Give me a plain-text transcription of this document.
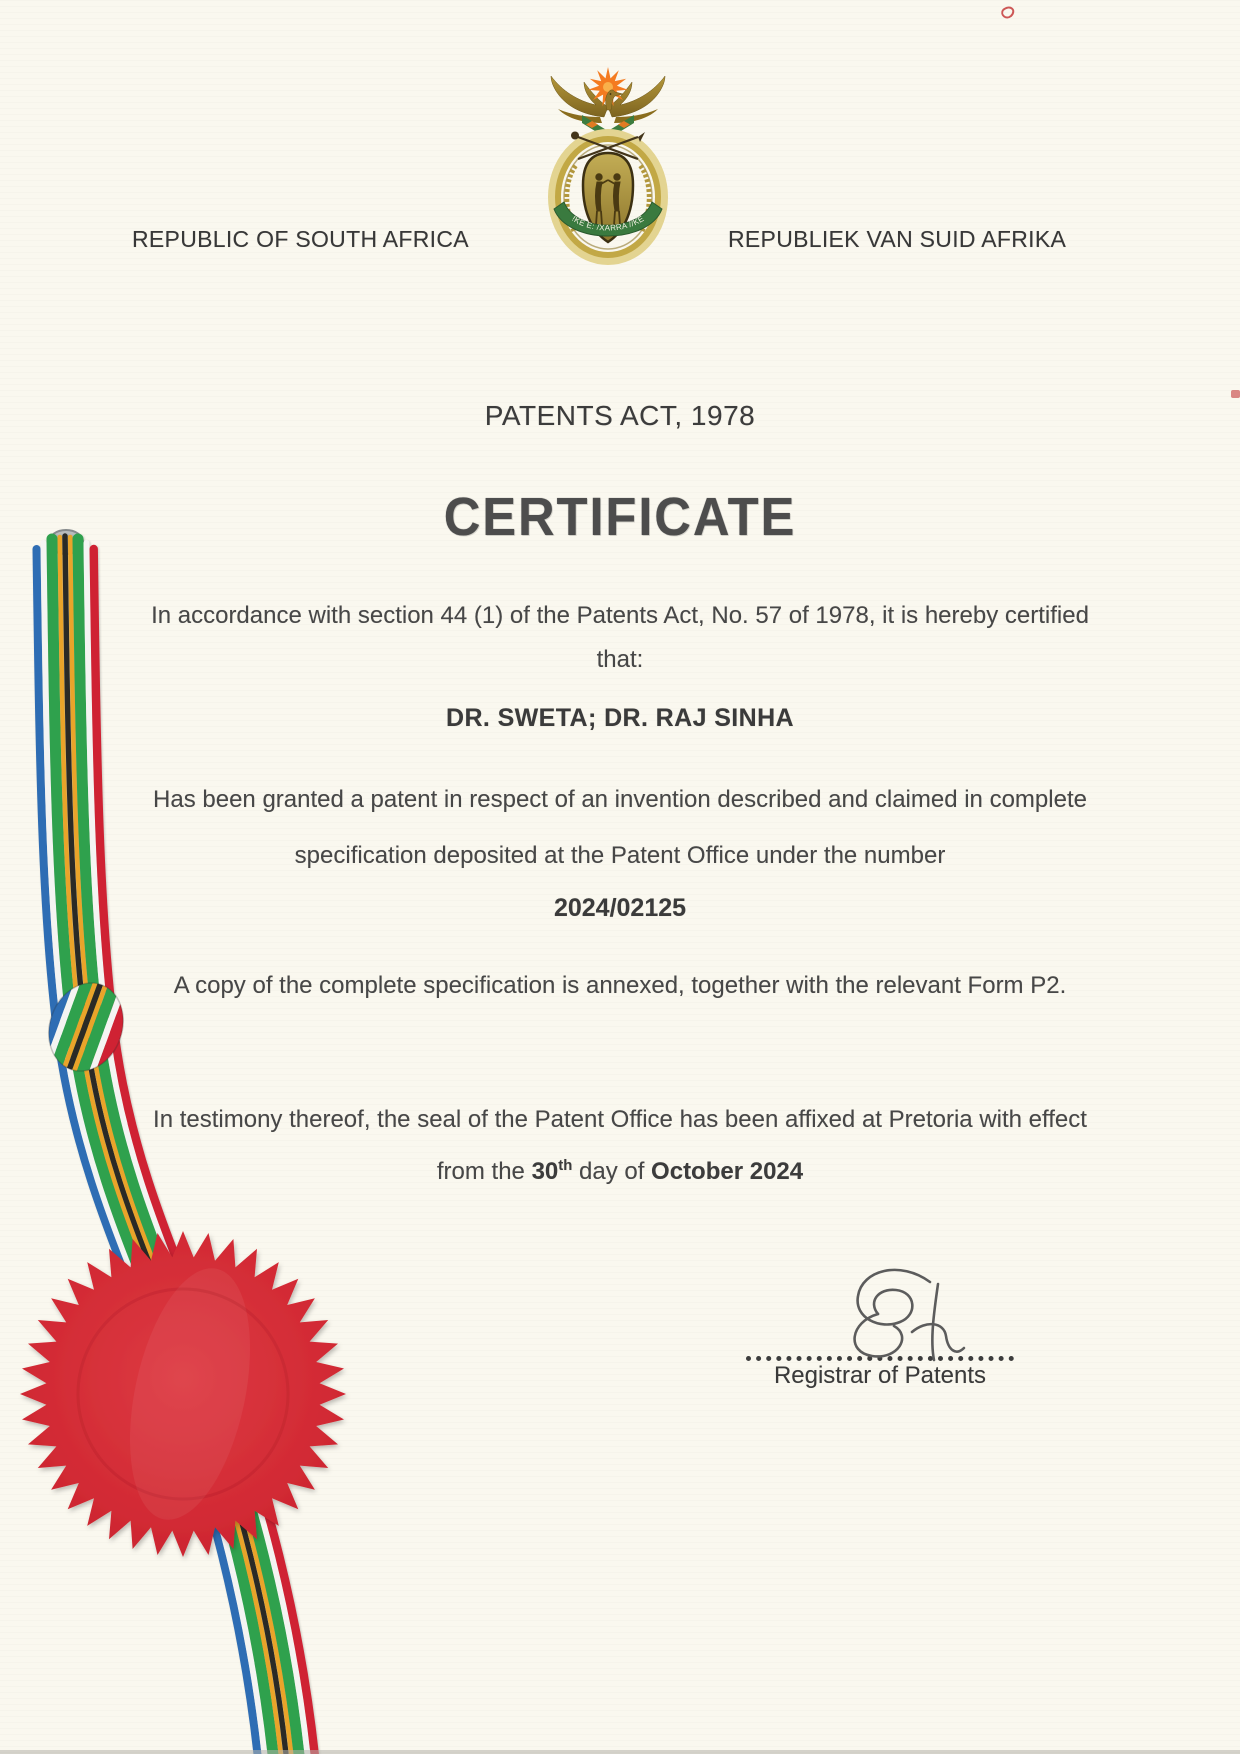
REPUBLIC OF SOUTH AFRICA	REPUBLIEK VAN SUID AFRIKA
!KE E: /XARRA //KE
PATENTS ACT, 1978
CERTIFICATE
In accordance with section 44 (1) of the Patents Act, No. 57 of 1978, it is hereby certified
that:
DR. SWETA; DR. RAJ SINHA
Has been granted a patent in respect of an invention described and claimed in complete
specification deposited at the Patent Office under the number
2024/02125
A copy of the complete specification is annexed, together with the relevant Form P2.
In testimony thereof, the seal of the Patent Office has been affixed at Pretoria with effect
from the 30th day of October 2024
Registrar of Patents
